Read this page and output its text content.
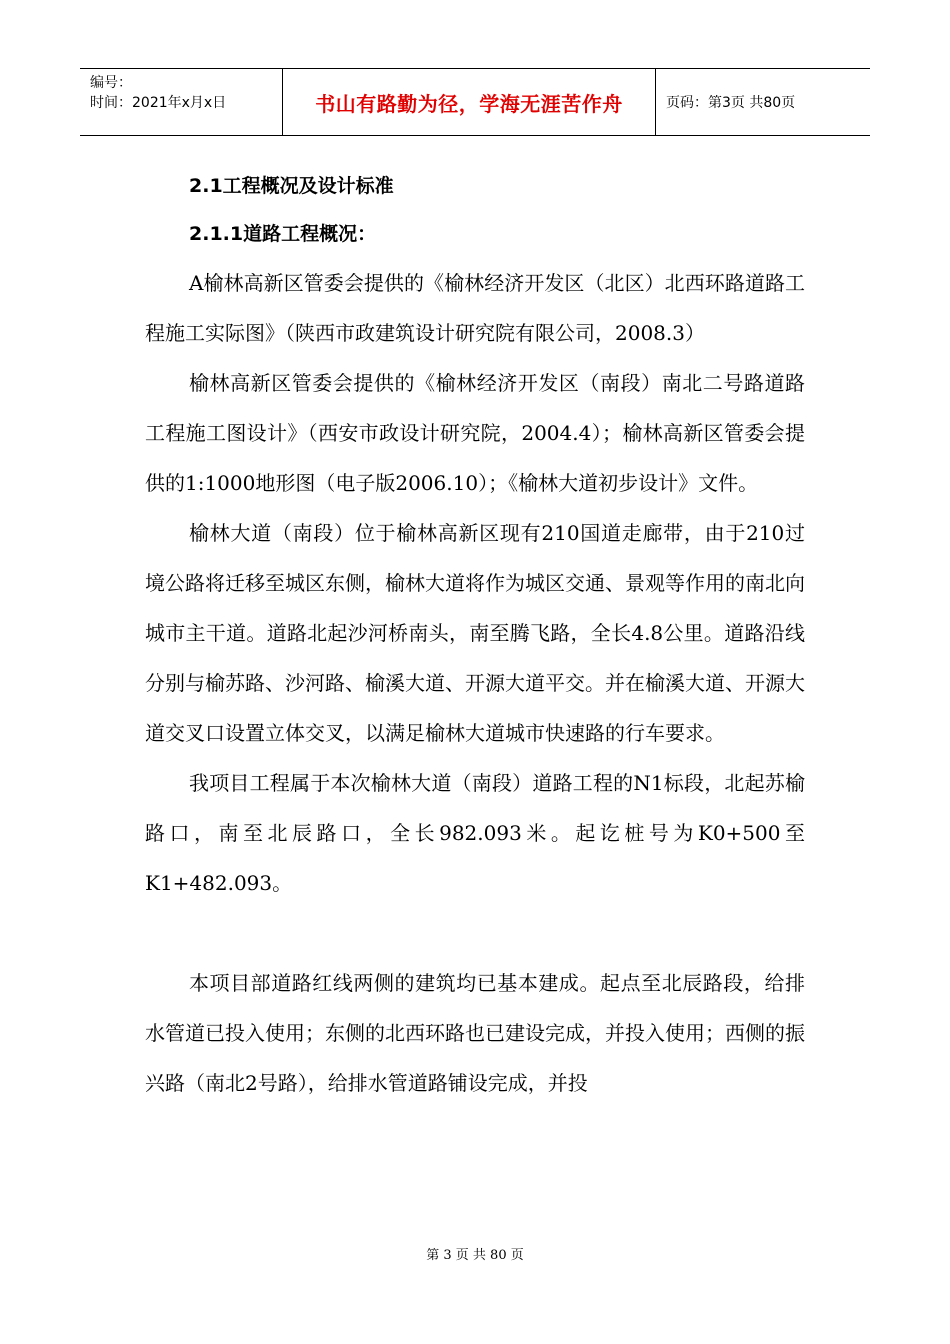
编号：
时间：2021年x月x日	书山有路勤为径，学海无涯苦作舟	页码：第3页 共80页
2.1工程概况及设计标准
2.1.1道路工程概况：

A榆林高新区管委会提供的《榆林经济开发区（北区）北西环路道路工程施工实际图》（陕西市政建筑设计研究院有限公司，2008.3）

榆林高新区管委会提供的《榆林经济开发区（南段）南北二号路道路工程施工图设计》（西安市政设计研究院，2004.4）；榆林高新区管委会提供的1:1000地形图（电子版2006.10）；《榆林大道初步设计》文件。

榆林大道（南段）位于榆林高新区现有210国道走廊带，由于210过境公路将迁移至城区东侧，榆林大道将作为城区交通、景观等作用的南北向城市主干道。道路北起沙河桥南头，南至腾飞路，全长4.8公里。道路沿线分别与榆苏路、沙河路、榆溪大道、开源大道平交。并在榆溪大道、开源大道交叉口设置立体交叉，以满足榆林大道城市快速路的行车要求。

我项目工程属于本次榆林大道（南段）道路工程的N1标段，北起苏榆路口，南至北辰路口，全长982.093米。起讫桩号为K0+500至K1+482.093。

本项目部道路红线两侧的建筑均已基本建成。起点至北辰路段，给排水管道已投入使用；东侧的北西环路也已建设完成，并投入使用；西侧的振兴路（南北2号路），给排水管道路铺设完成，并投

第 3 页 共 80 页
